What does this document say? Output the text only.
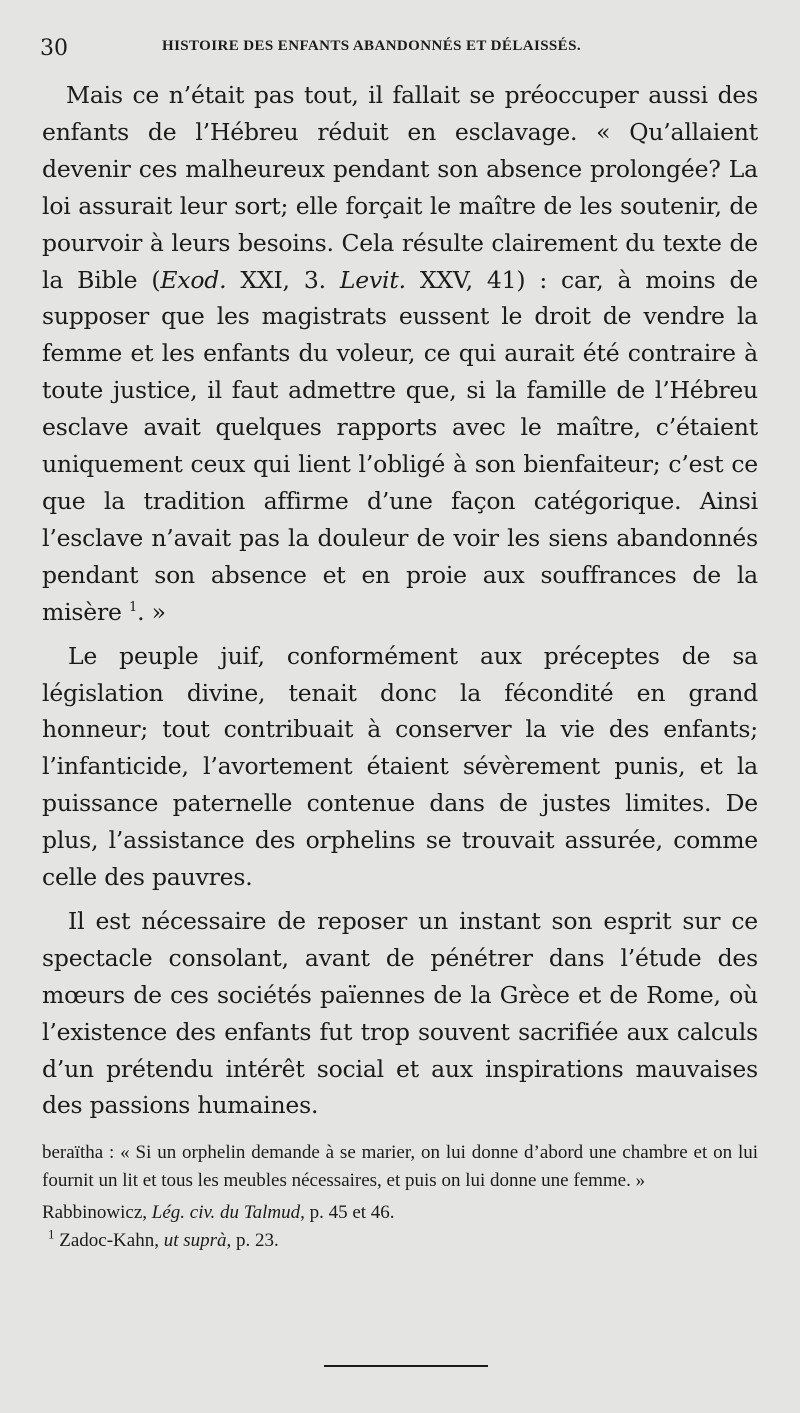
30	HISTOIRE DES ENFANTS ABANDONNÉS ET DÉLAISSÉS.

Mais ce n’était pas tout, il fallait se préoccuper aussi des enfants de l’Hébreu réduit en esclavage. « Qu’allaient devenir ces malheureux pendant son absence prolongée? La loi assurait leur sort; elle forçait le maître de les soutenir, de pourvoir à leurs besoins. Cela résulte clairement du texte de la Bible (Exod. XXI, 3. Levit. XXV, 41) : car, à moins de supposer que les magistrats eussent le droit de vendre la femme et les enfants du voleur, ce qui aurait été contraire à toute justice, il faut admettre que, si la famille de l’Hébreu esclave avait quelques rapports avec le maître, c’étaient uniquement ceux qui lient l’obligé à son bienfaiteur; c’est ce que la tradition affirme d’une façon catégorique. Ainsi l’esclave n’avait pas la douleur de voir les siens abandonnés pendant son absence et en proie aux souffrances de la misère $^1$. »

Le peuple juif, conformément aux préceptes de sa législation divine, tenait donc la fécondité en grand honneur; tout contribuait à conserver la vie des enfants; l’infanticide, l’avortement étaient sévèrement punis, et la puissance paternelle contenue dans de justes limites. De plus, l’assistance des orphelins se trouvait assurée, comme celle des pauvres.

Il est nécessaire de reposer un instant son esprit sur ce spectacle consolant, avant de pénétrer dans l’étude des mœurs de ces sociétés païennes de la Grèce et de Rome, où l’existence des enfants fut trop souvent sacrifiée aux calculs d’un prétendu intérêt social et aux inspirations mauvaises des passions humaines.

beraïtha : « Si un orphelin demande à se marier, on lui donne d’abord une chambre et on lui fournit un lit et tous les meubles nécessaires, et puis on lui donne une femme. »

Rabbinowicz, Lég. civ. du Talmud, p. 45 et 46.

$^1$ Zadoc-Kahn, ut suprà, p. 23.
